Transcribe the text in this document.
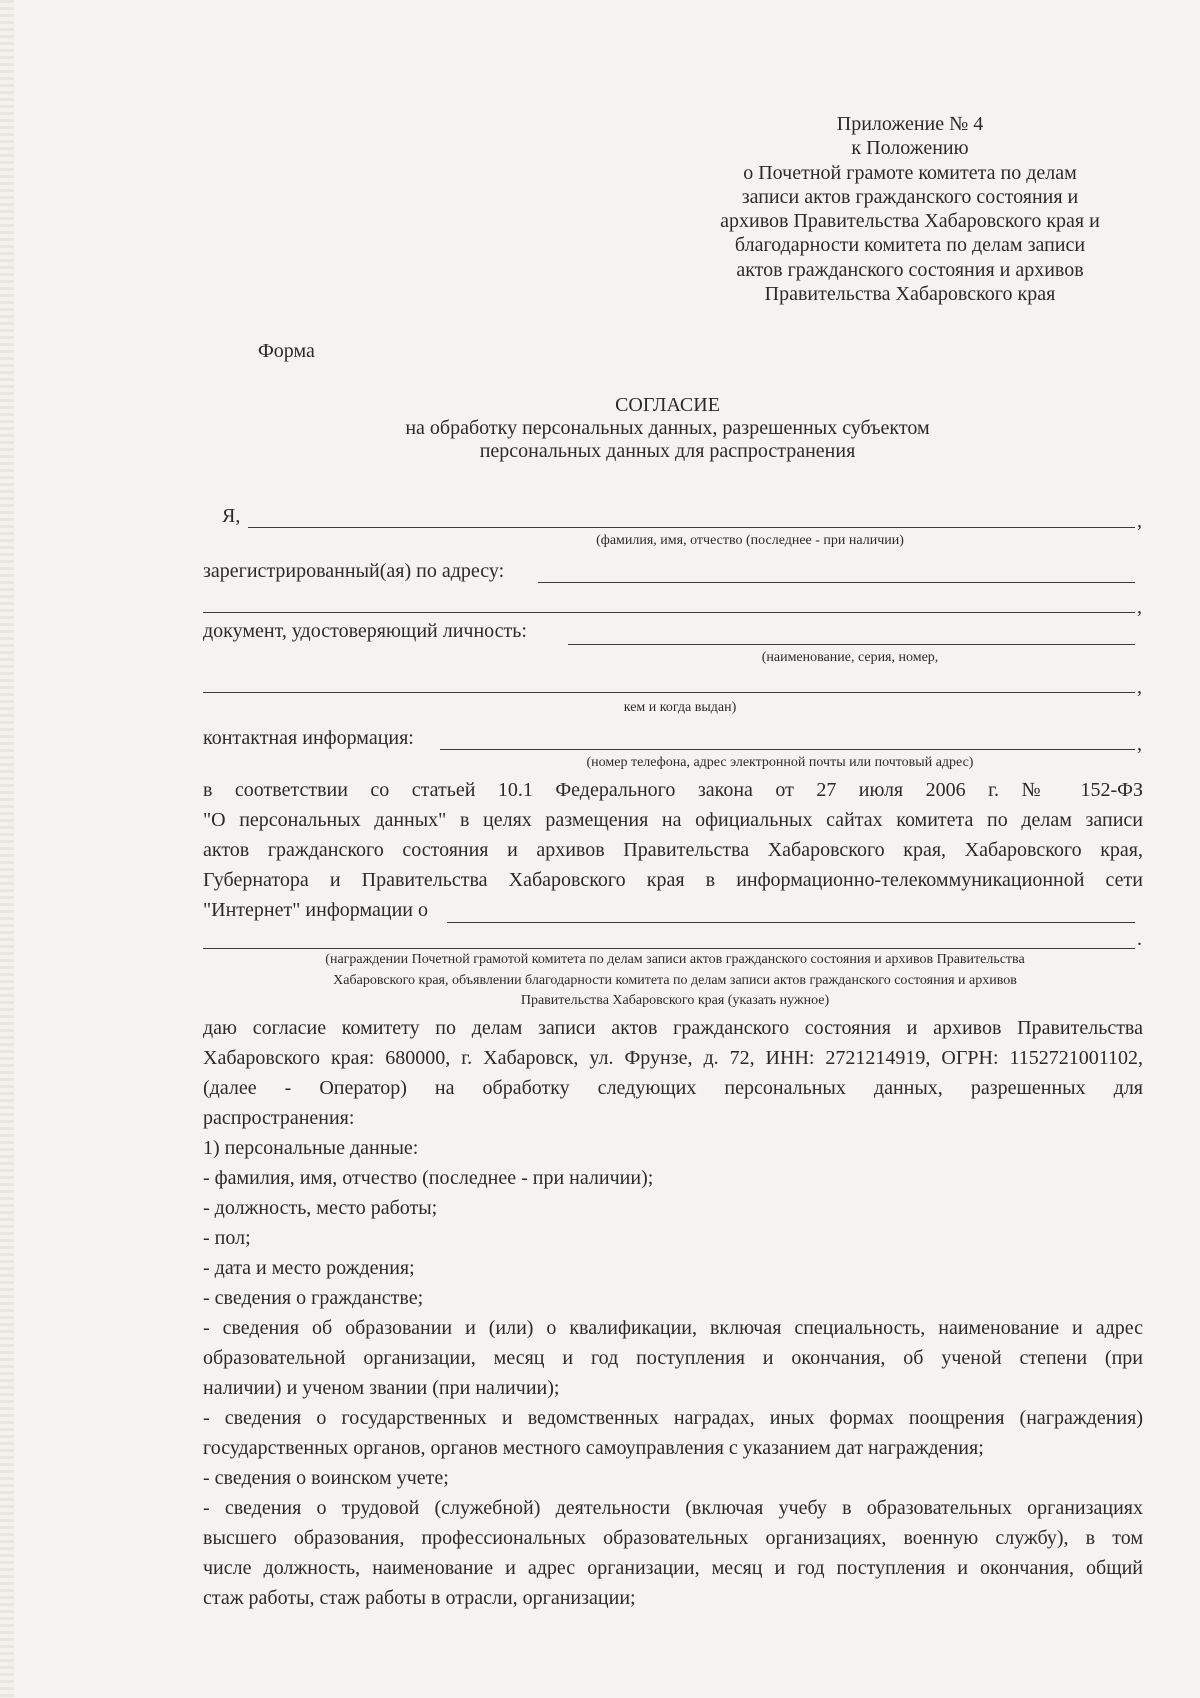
Приложение № 4
к Положению
о Почетной грамоте комитета по делам
записи актов гражданского состояния и
архивов Правительства Хабаровского края и
благодарности комитета по делам записи
актов гражданского состояния и архивов
Правительства Хабаровского края
Форма
СОГЛАСИЕ
на обработку персональных данных, разрешенных субъектом
персональных данных для распространения
Я,	,
(фамилия, имя, отчество (последнее - при наличии)
зарегистрированный(ая) по адресу:
,
документ, удостоверяющий личность:
(наименование, серия, номер,
,
кем и когда выдан)
контактная информация:	,
(номер телефона, адрес электронной почты или почтовый адрес)
в соответствии со статьей 10.1 Федерального закона от 27 июля 2006 г. № 152-ФЗ
"О персональных данных" в целях размещения на официальных сайтах комитета по делам записи
актов гражданского состояния и архивов Правительства Хабаровского края, Хабаровского края,
Губернатора и Правительства Хабаровского края в информационно-телекоммуникационной сети
"Интернет" информации о
.
(награждении Почетной грамотой комитета по делам записи актов гражданского состояния и архивов Правительства
Хабаровского края, объявлении благодарности комитета по делам записи актов гражданского состояния и архивов
Правительства Хабаровского края (указать нужное)
даю согласие комитету по делам записи актов гражданского состояния и архивов Правительства
Хабаровского края: 680000, г. Хабаровск, ул. Фрунзе, д. 72, ИНН: 2721214919, ОГРН: 1152721001102,
(далее - Оператор) на обработку следующих персональных данных, разрешенных для
распространения:
1) персональные данные:
- фамилия, имя, отчество (последнее - при наличии);
- должность, место работы;
- пол;
- дата и место рождения;
- сведения о гражданстве;
- сведения об образовании и (или) о квалификации, включая специальность, наименование и адрес
образовательной организации, месяц и год поступления и окончания, об ученой степени (при
наличии) и ученом звании (при наличии);
- сведения о государственных и ведомственных наградах, иных формах поощрения (награждения)
государственных органов, органов местного самоуправления с указанием дат награждения;
- сведения о воинском учете;
- сведения о трудовой (служебной) деятельности (включая учебу в образовательных организациях
высшего образования, профессиональных образовательных организациях, военную службу), в том
числе должность, наименование и адрес организации, месяц и год поступления и окончания, общий
стаж работы, стаж работы в отрасли, организации;
